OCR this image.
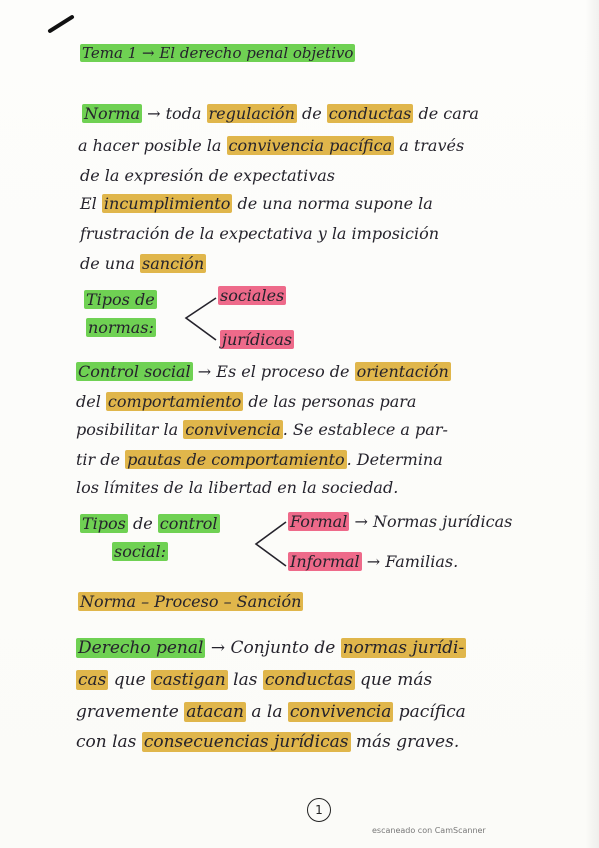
Tema 1 → El derecho penal objetivo
Norma → toda regulación de conductas de cara
a hacer posible la convivencia pacífica a través
de la expresión de expectativas
El incumplimiento de una norma supone la
frustración de la expectativa y la imposición
de una sanción
Tipos de
normas:
sociales
jurídicas
Control social → Es el proceso de orientación
del comportamiento de las personas para
posibilitar la convivencia . Se establece a par-
tir de pautas de comportamiento . Determina
los límites de la libertad en la sociedad.
Tipos de control
social:
Formal → Normas jurídicas
Informal → Familias.
Norma – Proceso – Sanción
Derecho penal → Conjunto de normas jurídi-
cas que castigan las conductas que más
gravemente atacan a la convivencia pacífica
con las consecuencias jurídicas más graves.
1
escaneado con CamScanner
